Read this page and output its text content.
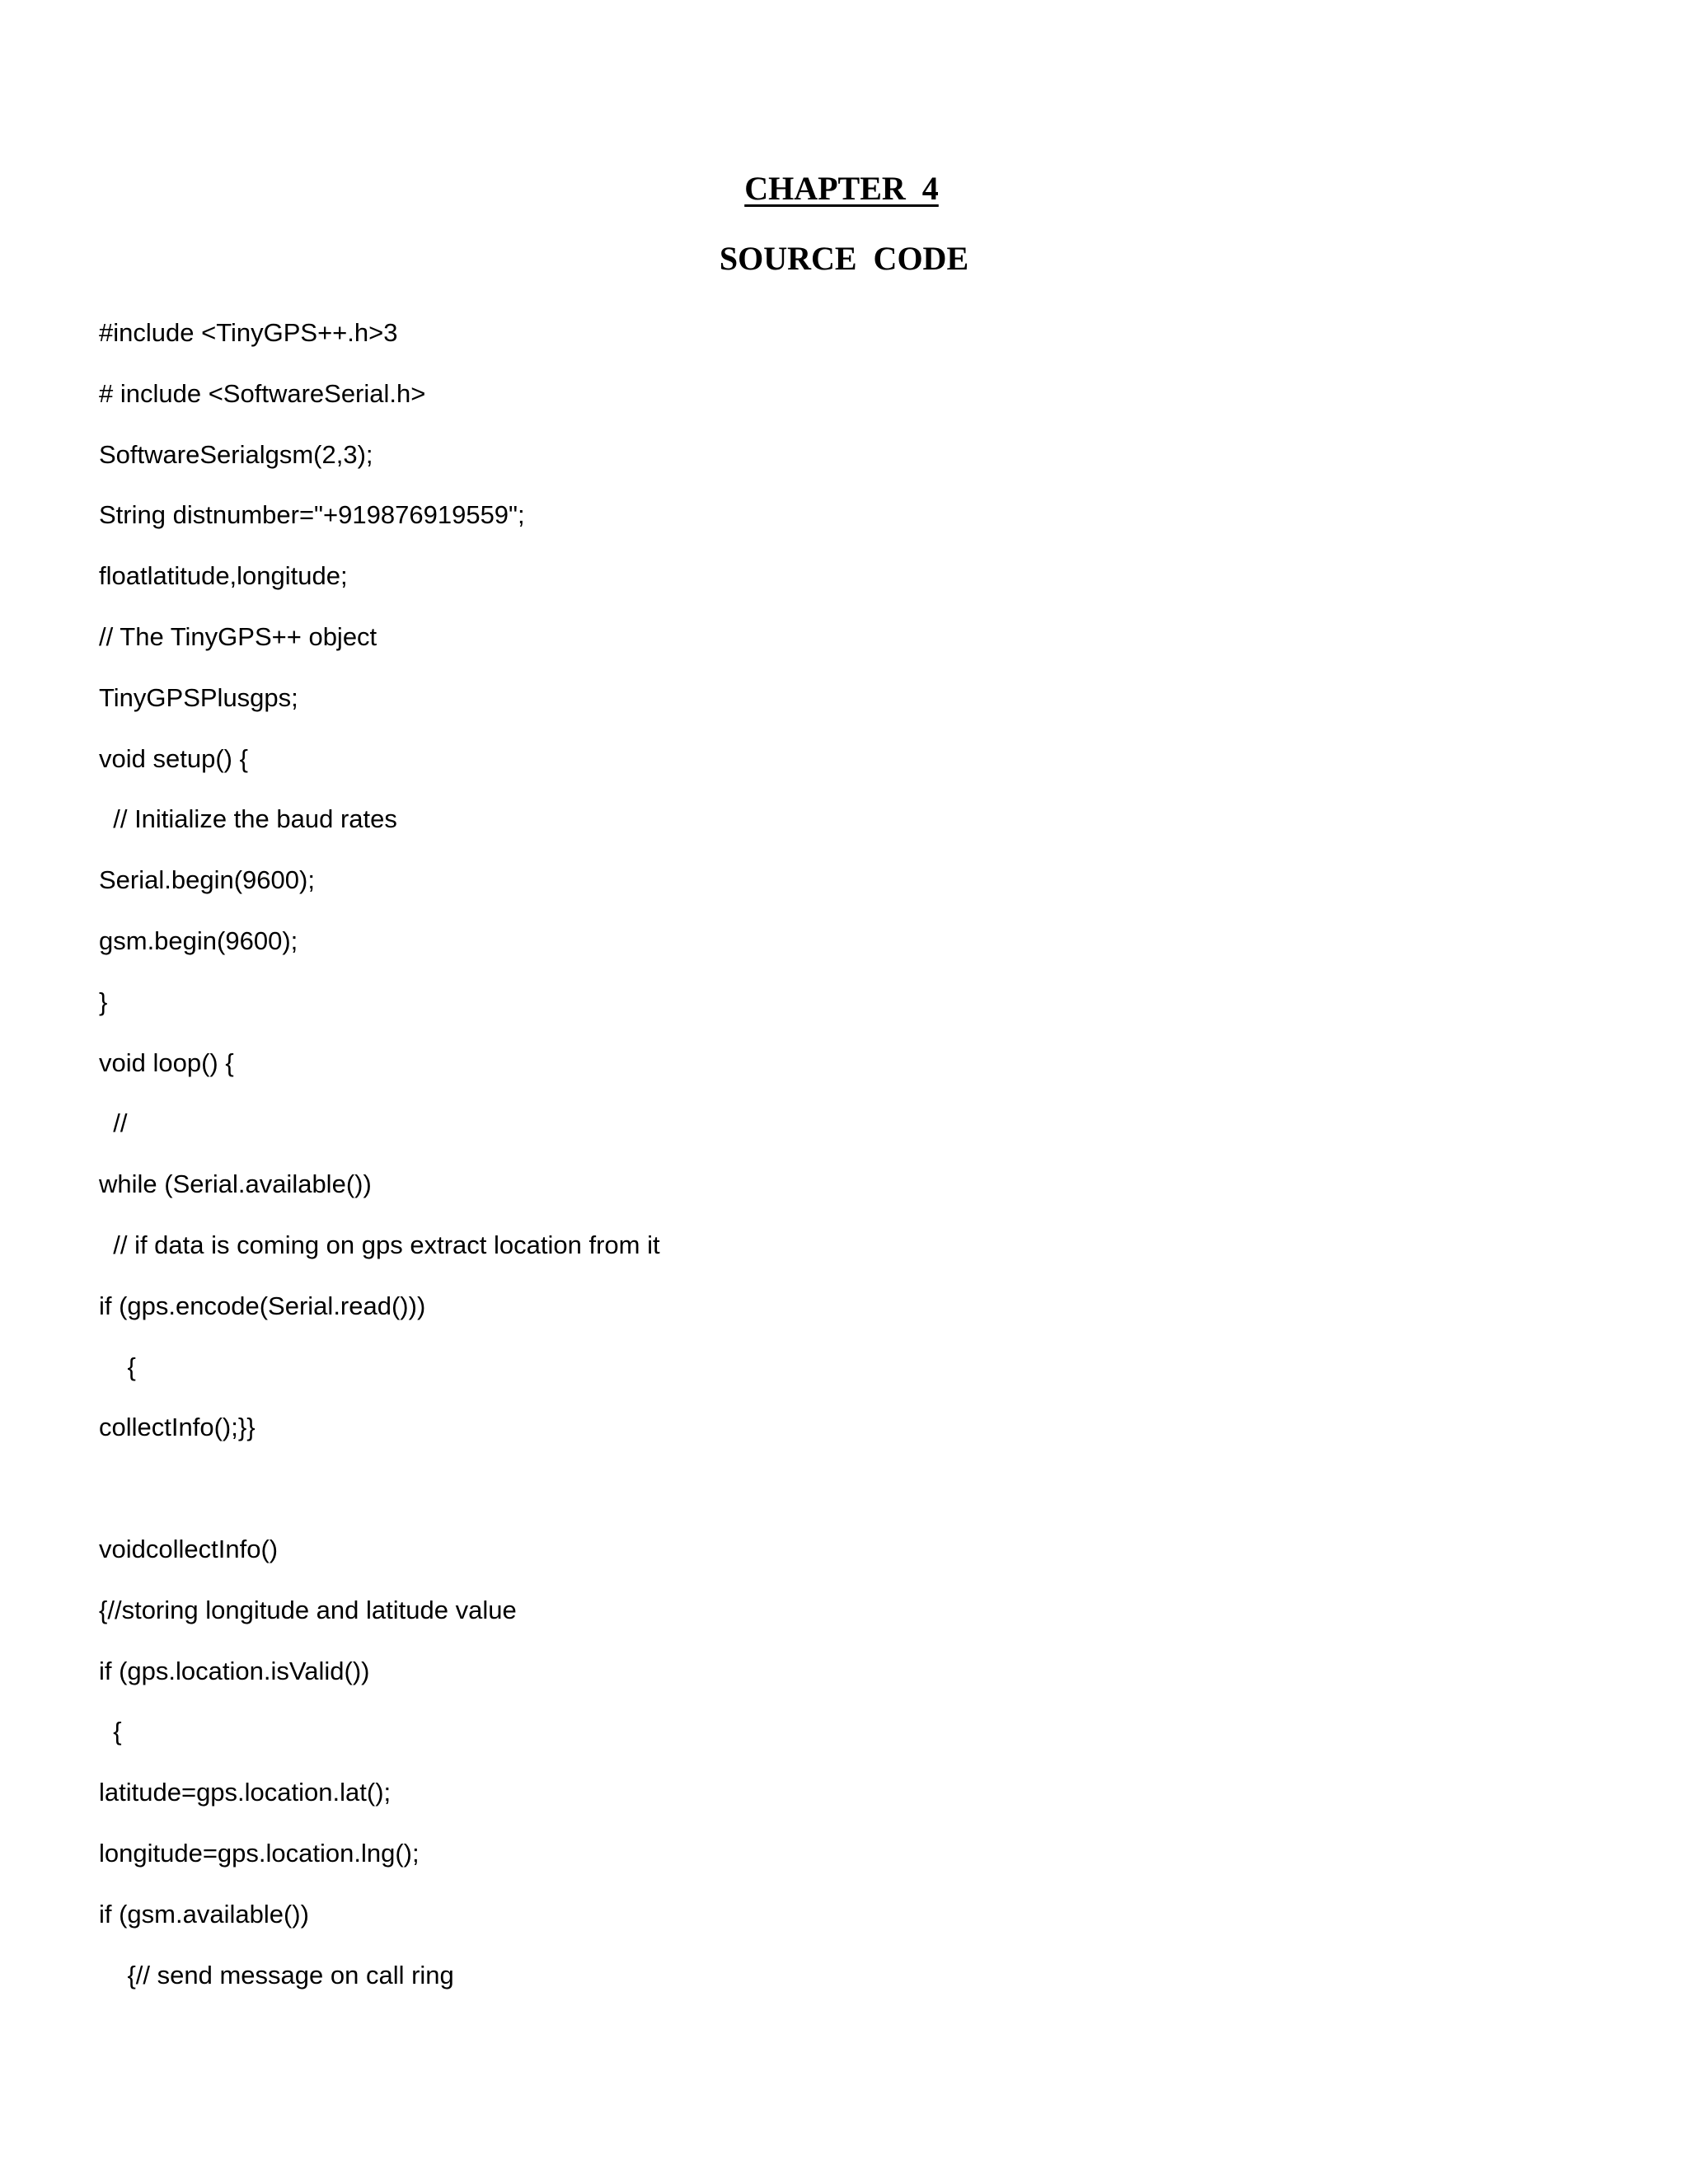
CHAPTER 4
SOURCE CODE
#include <TinyGPS++.h>3
# include <SoftwareSerial.h>
SoftwareSerialgsm(2,3);
String distnumber="+919876919559";
floatlatitude,longitude;
// The TinyGPS++ object
TinyGPSPlusgps;
void setup() {
// Initialize the baud rates
Serial.begin(9600);
gsm.begin(9600);
}
void loop() {
//
while (Serial.available())
// if data is coming on gps extract location from it
if (gps.encode(Serial.read()))
{
collectInfo();}}
voidcollectInfo()
{//storing longitude and latitude value
if (gps.location.isValid())
{
latitude=gps.location.lat();
longitude=gps.location.lng();
if (gsm.available())
{// send message on call ring
